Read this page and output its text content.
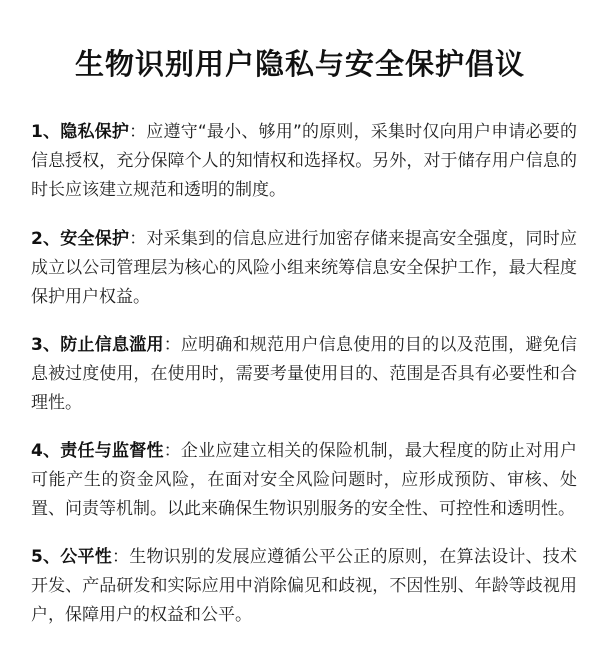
生物识别用户隐私与安全保护倡议

1、隐私保护：应遵守“最小、够用”的原则，采集时仅向用户申请必要的信息授权，充分保障个人的知情权和选择权。另外，对于储存用户信息的时长应该建立规范和透明的制度。

2、安全保护：对采集到的信息应进行加密存储来提高安全强度，同时应成立以公司管理层为核心的风险小组来统筹信息安全保护工作，最大程度保护用户权益。

3、防止信息滥用：应明确和规范用户信息使用的目的以及范围，避免信息被过度使用，在使用时，需要考量使用目的、范围是否具有必要性和合理性。

4、责任与监督性：企业应建立相关的保险机制，最大程度的防止对用户可能产生的资金风险，在面对安全风险问题时，应形成预防、审核、处置、问责等机制。以此来确保生物识别服务的安全性、可控性和透明性。

5、公平性：生物识别的发展应遵循公平公正的原则，在算法设计、技术开发、产品研发和实际应用中消除偏见和歧视，不因性别、年龄等歧视用户，保障用户的权益和公平。
